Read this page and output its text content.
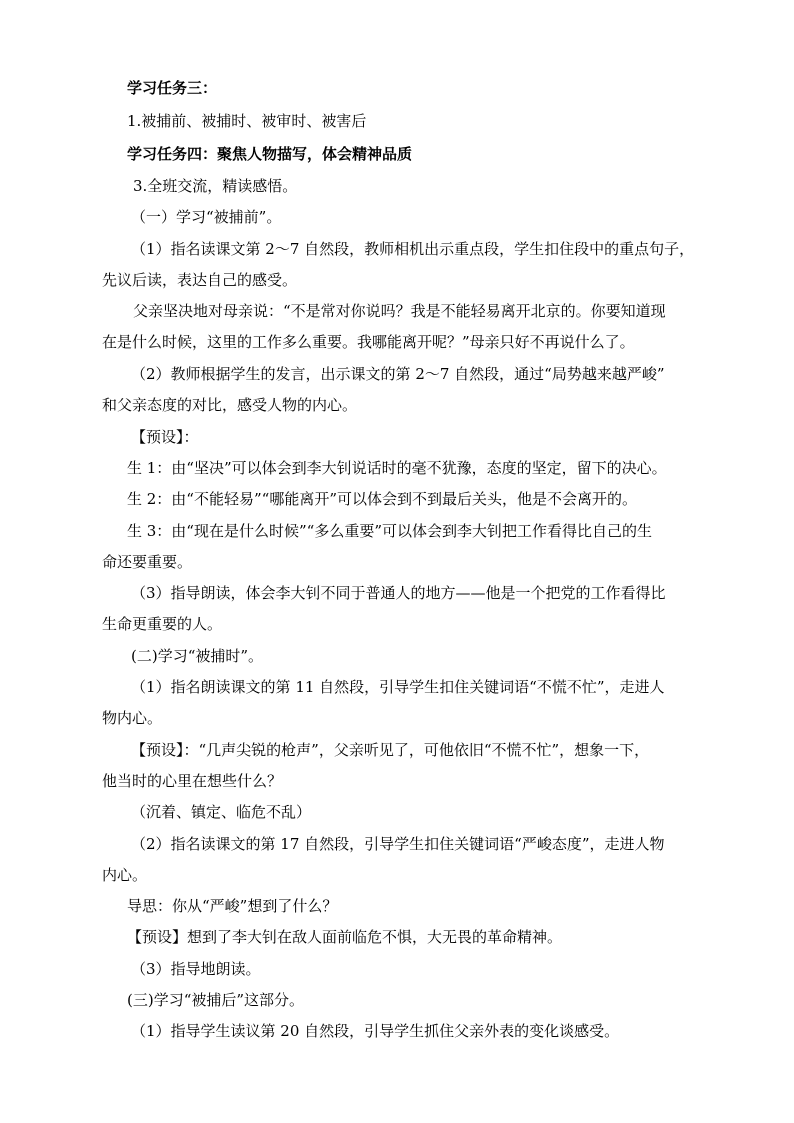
学习任务三：
1.被捕前、被捕时、被审时、被害后
学习任务四：聚焦人物描写，体会精神品质
3.全班交流，精读感悟。
（一）学习“被捕前”。
（1）指名读课文第 2～7 自然段，教师相机出示重点段，学生扣住段中的重点句子，
先议后读，表达自己的感受。
父亲坚决地对母亲说：“不是常对你说吗？我是不能轻易离开北京的。你要知道现
在是什么时候，这里的工作多么重要。我哪能离开呢？”母亲只好不再说什么了。
（2）教师根据学生的发言，出示课文的第 2～7 自然段，通过“局势越来越严峻”
和父亲态度的对比，感受人物的内心。
【预设】：
生 1：由“坚决”可以体会到李大钊说话时的毫不犹豫，态度的坚定，留下的决心。
生 2：由“不能轻易”“哪能离开”可以体会到不到最后关头，他是不会离开的。
生 3：由“现在是什么时候”“多么重要”可以体会到李大钊把工作看得比自己的生
命还要重要。
（3）指导朗读，体会李大钊不同于普通人的地方——他是一个把党的工作看得比
生命更重要的人。
(二)学习“被捕时”。
（1）指名朗读课文的第 11 自然段，引导学生扣住关键词语“不慌不忙”，走进人
物内心。
【预设】：“几声尖锐的枪声”，父亲听见了，可他依旧“不慌不忙”，想象一下，
他当时的心里在想些什么？
（沉着、镇定、临危不乱）
（2）指名读课文的第 17 自然段，引导学生扣住关键词语“严峻态度”，走进人物
内心。
导思：你从“严峻”想到了什么？
【预设】想到了李大钊在敌人面前临危不惧，大无畏的革命精神。
（3）指导地朗读。
(三)学习“被捕后”这部分。
（1）指导学生读议第 20 自然段，引导学生抓住父亲外表的变化谈感受。
